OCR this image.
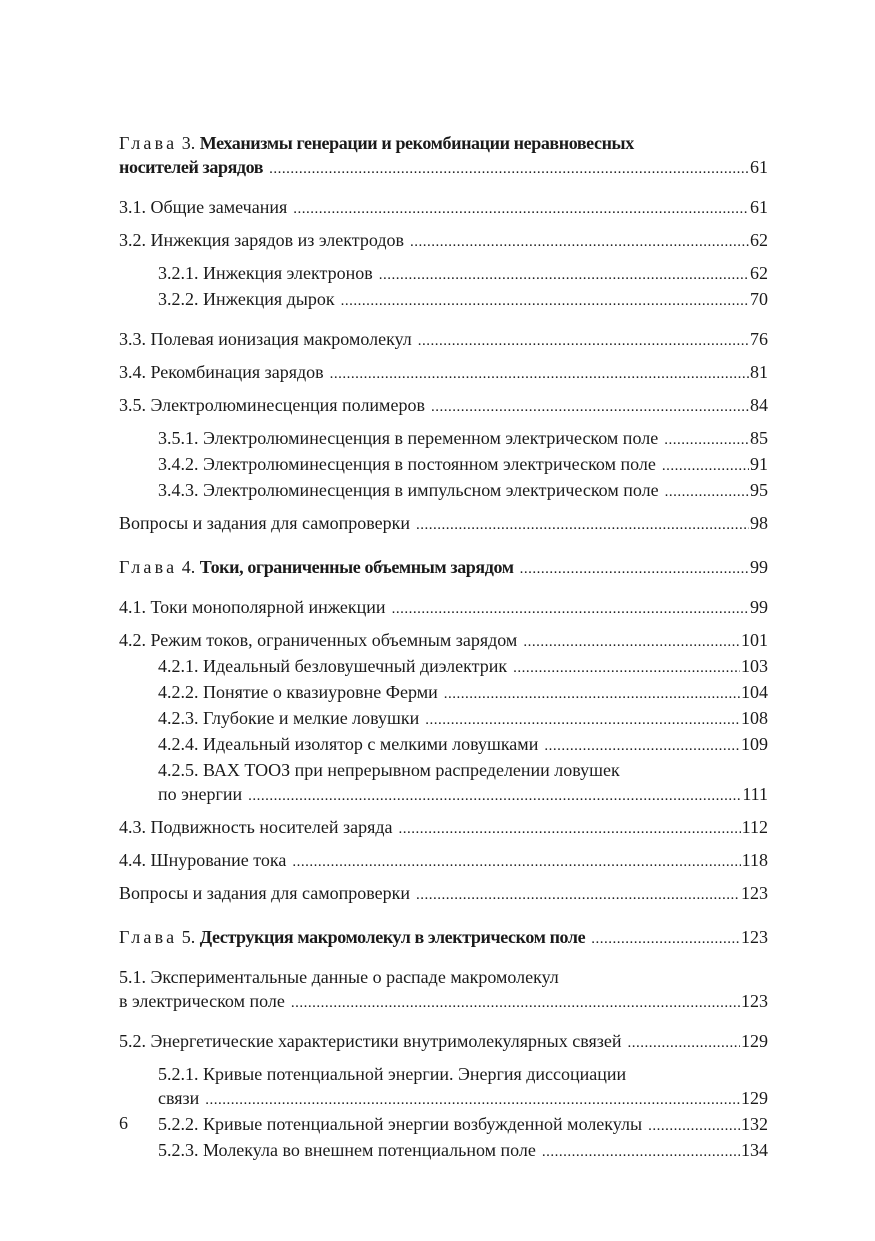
Глава 3. Механизмы генерации и рекомбинации неравновесных
носителей зарядов .....	61
3.1. Общие замечания .....	61
3.2. Инжекция зарядов из электродов .....	62
3.2.1. Инжекция электронов .....	62
3.2.2. Инжекция дырок .....	70
3.3. Полевая ионизация макромолекул .....	76
3.4. Рекомбинация зарядов .....	81
3.5. Электролюминесценция полимеров .....	84
3.5.1. Электролюминесценция в переменном электрическом поле .....	85
3.4.2. Электролюминесценция в постоянном электрическом поле .....	91
3.4.3. Электролюминесценция в импульсном электрическом поле .....	95
Вопросы и задания для самопроверки .....	98
Глава 4. Токи, ограниченные объемным зарядом .....	99
4.1. Токи монополярной инжекции .....	99
4.2. Режим токов, ограниченных объемным зарядом .....	101
4.2.1. Идеальный безловушечный диэлектрик .....	103
4.2.2. Понятие о квазиуровне Ферми .....	104
4.2.3. Глубокие и мелкие ловушки .....	108
4.2.4. Идеальный изолятор с мелкими ловушками .....	109
4.2.5. ВАХ ТООЗ при непрерывном распределении ловушек
по энергии .....	111
4.3. Подвижность носителей заряда .....	112
4.4. Шнурование тока .....	118
Вопросы и задания для самопроверки .....	123
Глава 5. Деструкция макромолекул в электрическом поле .....	123
5.1. Экспериментальные данные о распаде макромолекул
в электрическом поле .....	123
5.2. Энергетические характеристики внутримолекулярных связей .....	129
5.2.1. Кривые потенциальной энергии. Энергия диссоциации
связи .....	129
5.2.2. Кривые потенциальной энергии возбужденной молекулы .....	132
5.2.3. Молекула во внешнем потенциальном поле .....	134
6
